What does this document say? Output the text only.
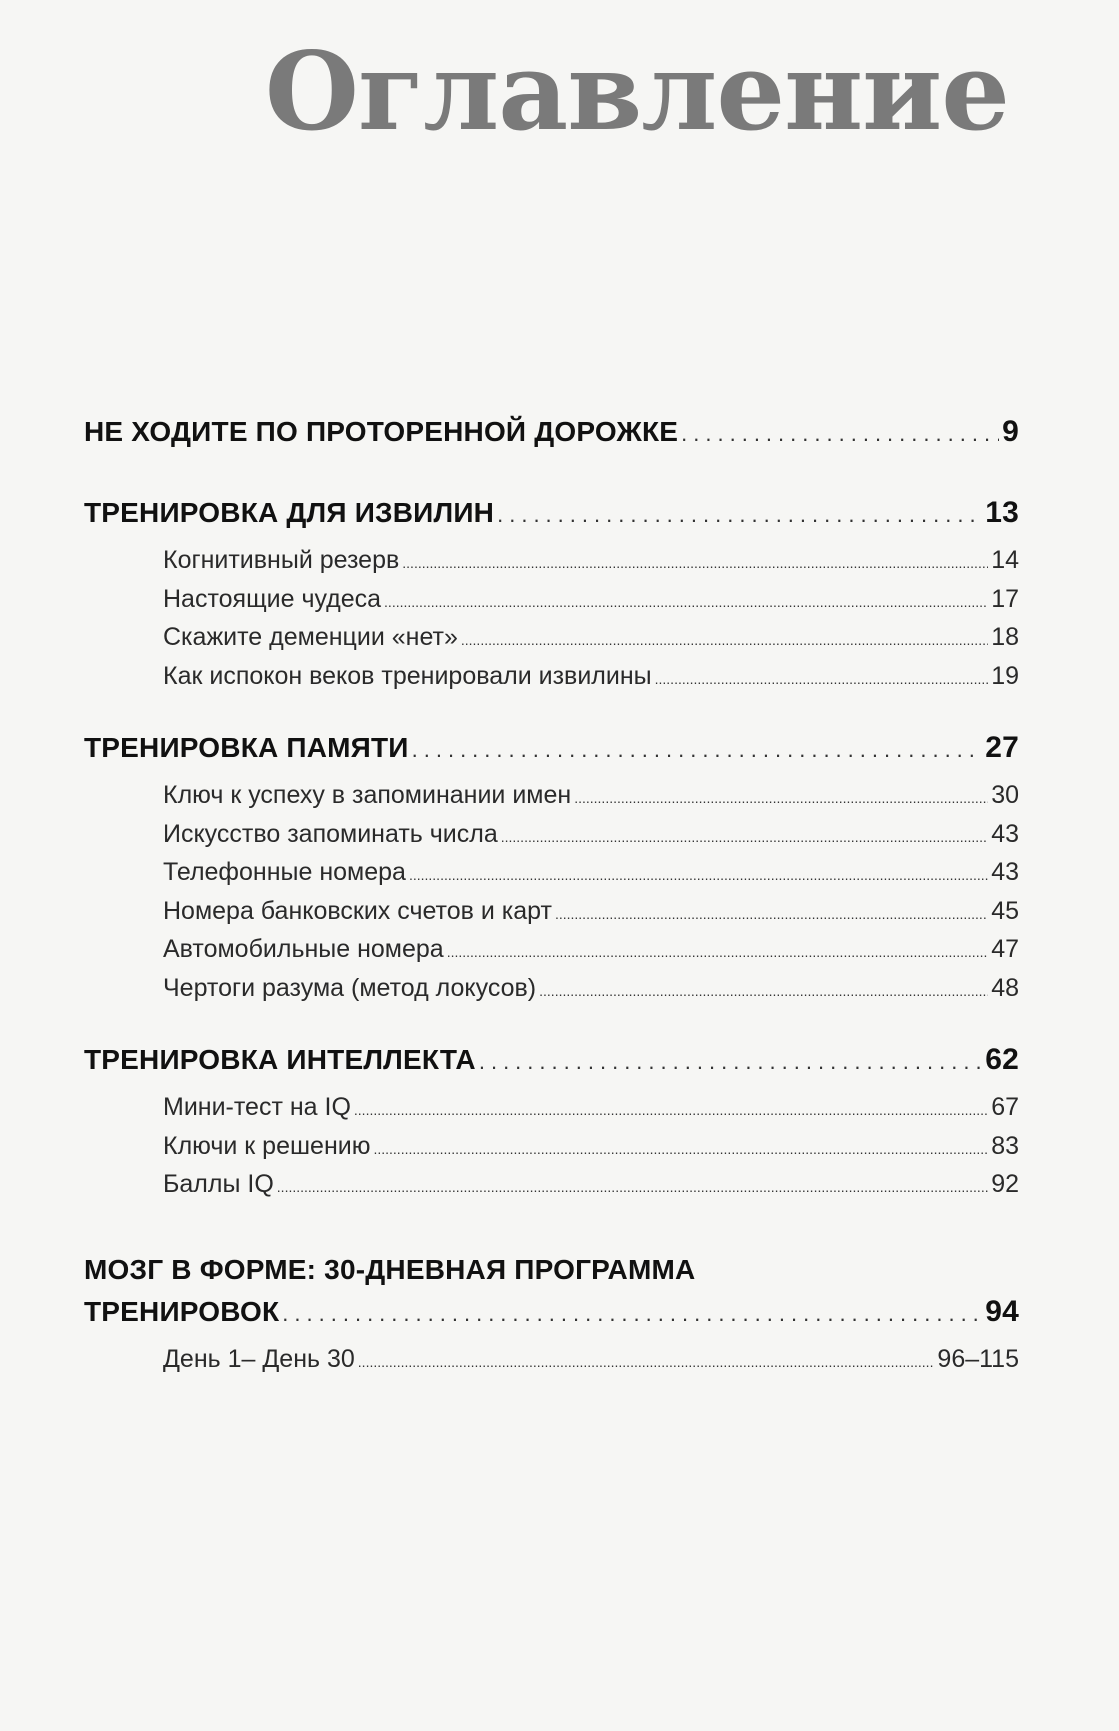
Оглавление
НЕ ХОДИТЕ ПО ПРОТОРЕННОЙ ДОРОЖКЕ .....	9
ТРЕНИРОВКА ДЛЯ ИЗВИЛИН .....	13
Когнитивный резерв .....	14
Настоящие чудеса .....	17
Скажите деменции «нет» .....	18
Как испокон веков тренировали извилины .....	19
ТРЕНИРОВКА ПАМЯТИ .....	27
Ключ к успеху в запоминании имен .....	30
Искусство запоминать числа .....	43
Телефонные номера .....	43
Номера банковских счетов и карт .....	45
Автомобильные номера .....	47
Чертоги разума (метод локусов) .....	48
ТРЕНИРОВКА ИНТЕЛЛЕКТА .....	62
Мини-тест на IQ .....	67
Ключи к решению .....	83
Баллы IQ .....	92
МОЗГ В ФОРМЕ: 30-ДНЕВНАЯ ПРОГРАММА
ТРЕНИРОВОК .....	94
День 1– День 30 .....	96–115
